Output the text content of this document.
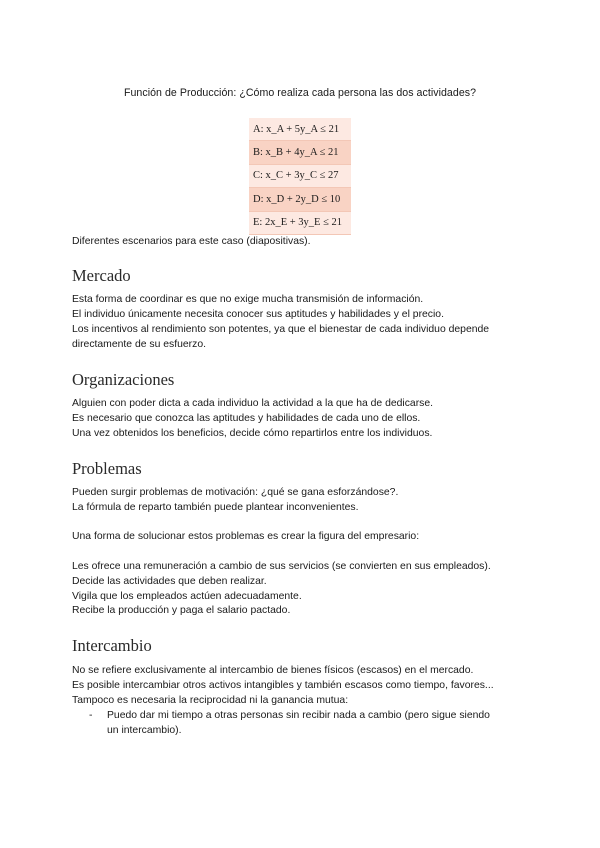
Función de Producción: ¿Cómo realiza cada persona las dos actividades?
A: x_A + 5y_A ≤ 21
B: x_B + 4y_A ≤ 21
C: x_C + 3y_C ≤ 27
D: x_D + 2y_D ≤ 10
E: 2x_E + 3y_E ≤ 21
Diferentes escenarios para este caso (diapositivas).
Mercado
Esta forma de coordinar es que no exige mucha transmisión de información.
El individuo únicamente necesita conocer sus aptitudes y habilidades y el precio.
Los incentivos al rendimiento son potentes, ya que el bienestar de cada individuo depende
directamente de su esfuerzo.
Organizaciones
Alguien con poder dicta a cada individuo la actividad a la que ha de dedicarse.
Es necesario que conozca las aptitudes y habilidades de cada uno de ellos.
Una vez obtenidos los beneficios, decide cómo repartirlos entre los individuos.
Problemas
Pueden surgir problemas de motivación: ¿qué se gana esforzándose?.
La fórmula de reparto también puede plantear inconvenientes.
Una forma de solucionar estos problemas es crear la figura del empresario:
Les ofrece una remuneración a cambio de sus servicios (se convierten en sus empleados).
Decide las actividades que deben realizar.
Vigila que los empleados actúen adecuadamente.
Recibe la producción y paga el salario pactado.
Intercambio
No se refiere exclusivamente al intercambio de bienes físicos (escasos) en el mercado.
Es posible intercambiar otros activos intangibles y también escasos como tiempo, favores...
Tampoco es necesaria la reciprocidad ni la ganancia mutua:
- Puedo dar mi tiempo a otras personas sin recibir nada a cambio (pero sigue siendo
un intercambio).
